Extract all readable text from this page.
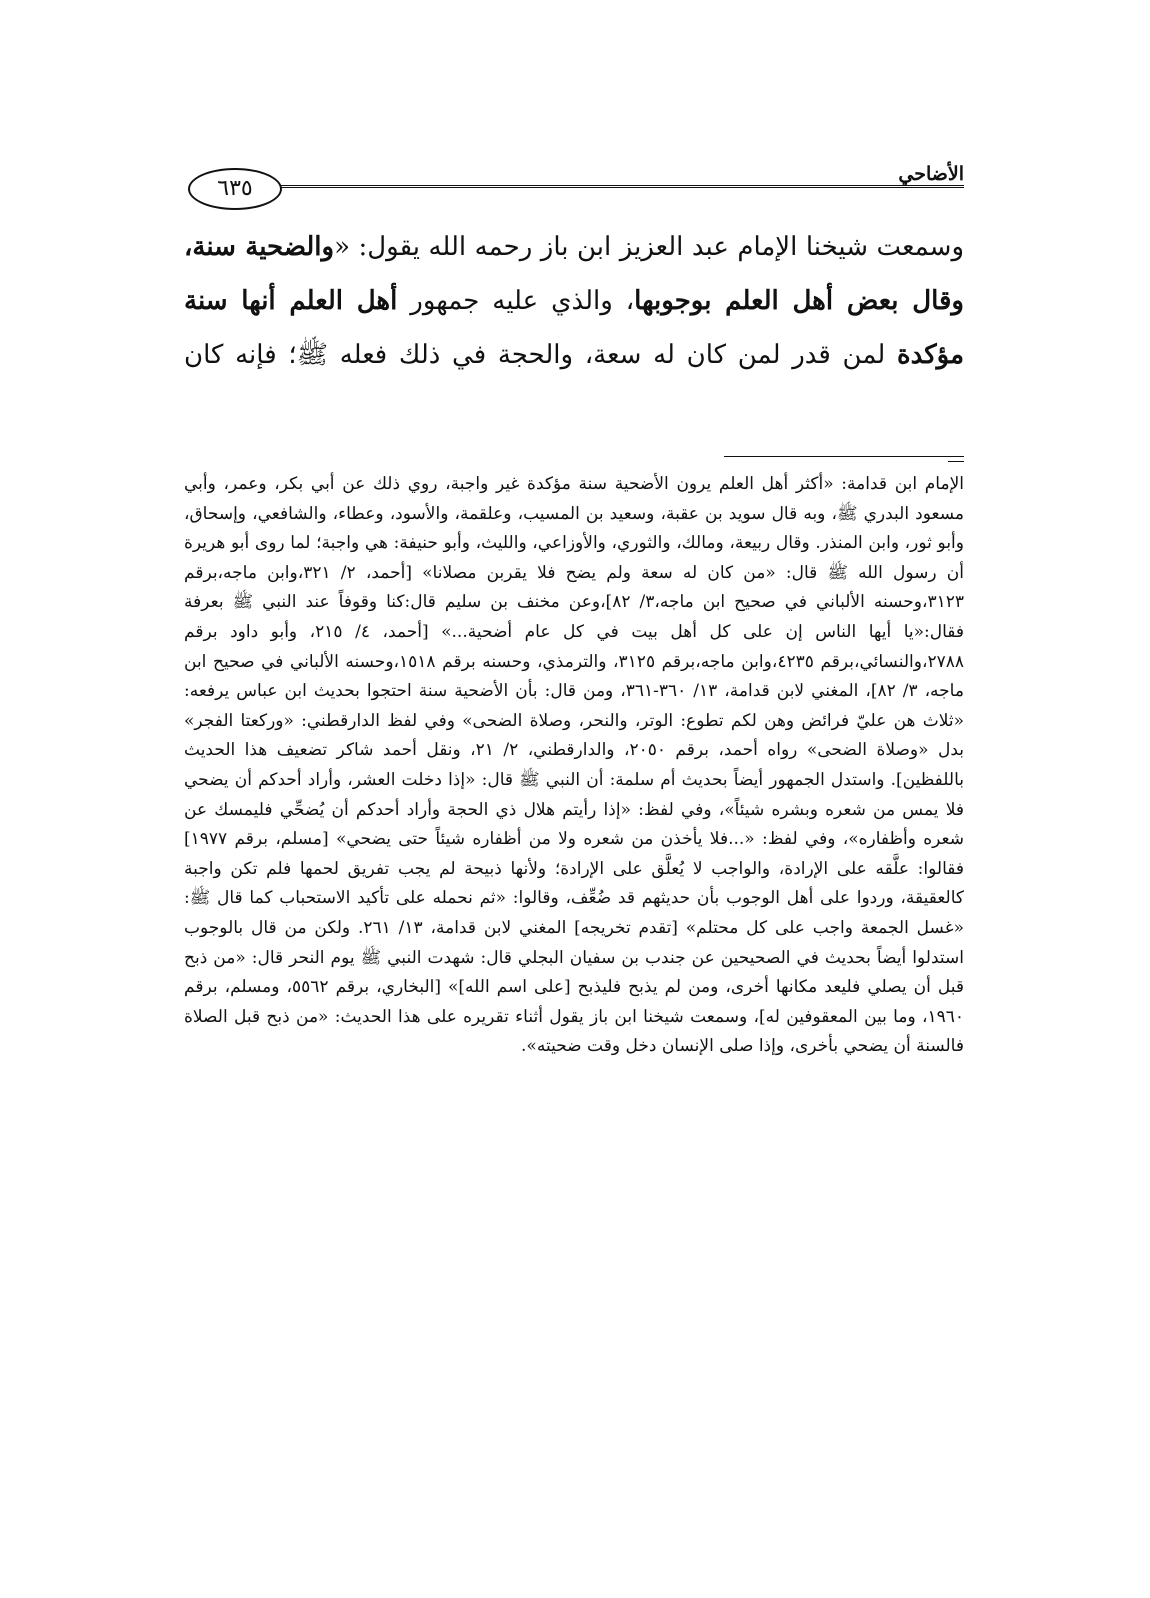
الأضاحي
٦٣٥

وسمعت شيخنا الإمام عبد العزيز ابن باز رحمه الله يقول: «والضحية سنة، وقال بعض أهل العلم بوجوبها، والذي عليه جمهور أهل العلم أنها سنة مؤكدة لمن قدر لمن كان له سعة، والحجة في ذلك فعله ﷺ؛ فإنه كان

الإمام ابن قدامة: «أكثر أهل العلم يرون الأضحية سنة مؤكدة غير واجبة، روي ذلك عن أبي بكر، وعمر، وأبي مسعود البدري ﷺ، وبه قال سويد بن عقبة، وسعيد بن المسيب، وعلقمة، والأسود، وعطاء، والشافعي، وإسحاق، وأبو ثور، وابن المنذر. وقال ربيعة، ومالك، والثوري، والأوزاعي، والليث، وأبو حنيفة: هي واجبة؛ لما روى أبو هريرة أن رسول الله ﷺ قال: «من كان له سعة ولم يضح فلا يقربن مصلانا» [أحمد، ٢/ ٣٢١،وابن ماجه،برقم ٣١٢٣،وحسنه الألباني في صحيح ابن ماجه،٣/ ٨٢]،وعن مخنف بن سليم قال:كنا وقوفاً عند النبي ﷺ بعرفة فقال:«يا أيها الناس إن على كل أهل بيت في كل عام أضحية...» [أحمد، ٤/ ٢١٥، وأبو داود برقم ٢٧٨٨،والنسائي،برقم ٤٢٣٥،وابن ماجه،برقم ٣١٢٥، والترمذي، وحسنه برقم ١٥١٨،وحسنه الألباني في صحيح ابن ماجه، ٣/ ٨٢]، المغني لابن قدامة، ١٣/ ٣٦٠-٣٦١، ومن قال: بأن الأضحية سنة احتجوا بحديث ابن عباس يرفعه: «ثلاث هن عليّ فرائض وهن لكم تطوع: الوتر، والنحر، وصلاة الضحى» وفي لفظ الدارقطني: «وركعتا الفجر» بدل «وصلاة الضحى» رواه أحمد، برقم ٢٠٥٠، والدارقطني، ٢/ ٢١، ونقل أحمد شاكر تضعيف هذا الحديث باللفظين]. واستدل الجمهور أيضاً بحديث أم سلمة: أن النبي ﷺ قال: «إذا دخلت العشر، وأراد أحدكم أن يضحي فلا يمس من شعره وبشره شيئاً»، وفي لفظ: «إذا رأيتم هلال ذي الحجة وأراد أحدكم أن يُضحِّي فليمسك عن شعره وأظفاره»، وفي لفظ: «...فلا يأخذن من شعره ولا من أظفاره شيئاً حتى يضحي» [مسلم، برقم ١٩٧٧] فقالوا: علَّقه على الإرادة، والواجب لا يُعلَّق على الإرادة؛ ولأنها ذبيحة لم يجب تفريق لحمها فلم تكن واجبة كالعقيقة، وردوا على أهل الوجوب بأن حديثهم قد ضُعِّف، وقالوا: «ثم نحمله على تأكيد الاستحباب كما قال ﷺ: «غسل الجمعة واجب على كل محتلم» [تقدم تخريجه] المغني لابن قدامة، ١٣/ ٢٦١. ولكن من قال بالوجوب استدلوا أيضاً بحديث في الصحيحين عن جندب بن سفيان البجلي قال: شهدت النبي ﷺ يوم النحر قال: «من ذبح قبل أن يصلي فليعد مكانها أخرى، ومن لم يذبح فليذبح [على اسم الله]» [البخاري، برقم ٥٥٦٢، ومسلم، برقم ١٩٦٠، وما بين المعقوفين له]، وسمعت شيخنا ابن باز يقول أثناء تقريره على هذا الحديث: «من ذبح قبل الصلاة فالسنة أن يضحي بأخرى، وإذا صلى الإنسان دخل وقت ضحيته».
